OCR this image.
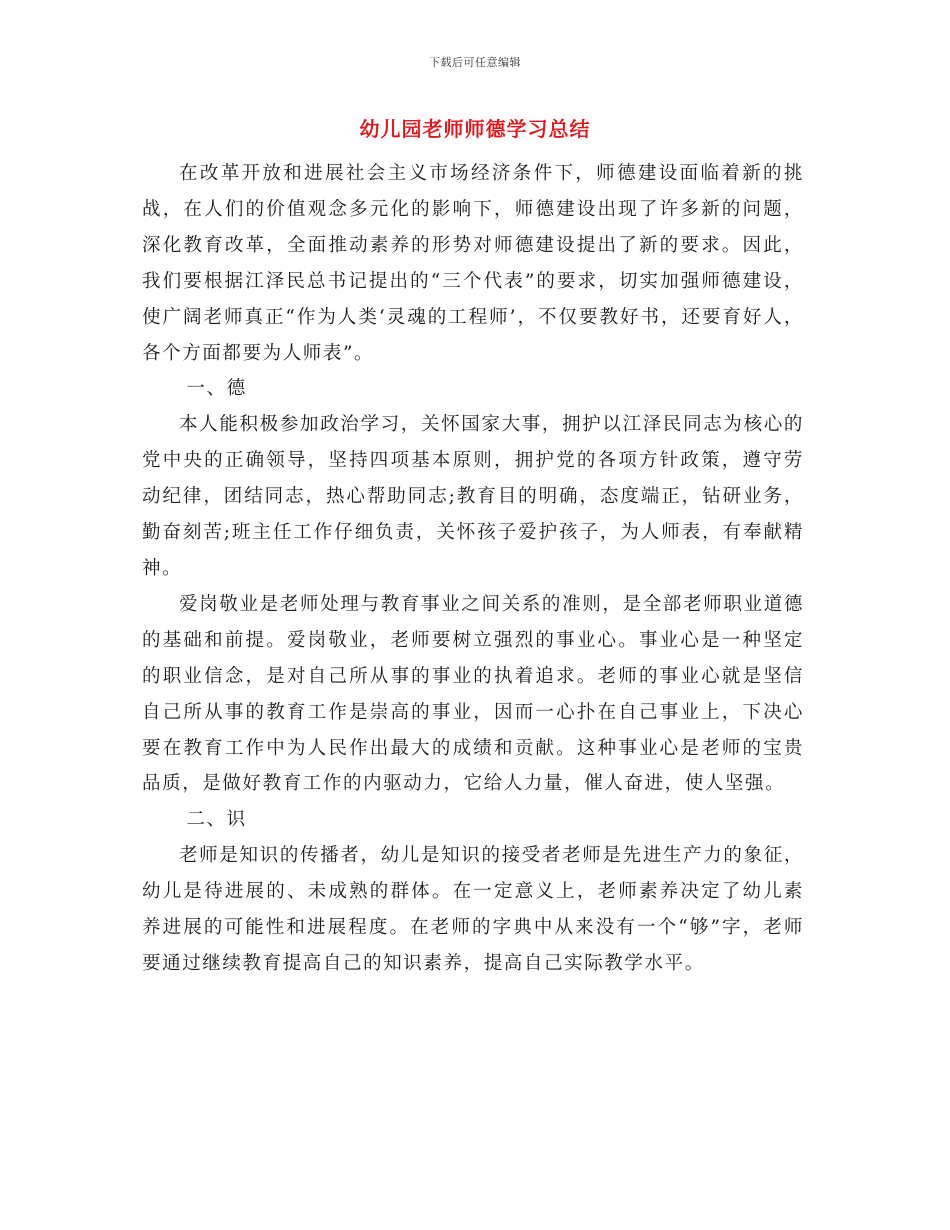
下载后可任意编辑
幼儿园老师师德学习总结

在改革开放和进展社会主义市场经济条件下，师德建设面临着新的挑战，在人们的价值观念多元化的影响下，师德建设出现了许多新的问题，深化教育改革，全面推动素养的形势对师德建设提出了新的要求。因此，我们要根据江泽民总书记提出的“三个代表”的要求，切实加强师德建设，使广阔老师真正“作为人类‘灵魂的工程师’，不仅要教好书，还要育好人，各个方面都要为人师表”。

一、德

本人能积极参加政治学习，关怀国家大事，拥护以江泽民同志为核心的党中央的正确领导，坚持四项基本原则，拥护党的各项方针政策，遵守劳动纪律，团结同志，热心帮助同志;教育目的明确，态度端正，钻研业务，勤奋刻苦;班主任工作仔细负责，关怀孩子爱护孩子，为人师表，有奉献精神。

爱岗敬业是老师处理与教育事业之间关系的准则，是全部老师职业道德的基础和前提。爱岗敬业，老师要树立强烈的事业心。事业心是一种坚定的职业信念，是对自己所从事的事业的执着追求。老师的事业心就是坚信自己所从事的教育工作是崇高的事业，因而一心扑在自己事业上，下决心要在教育工作中为人民作出最大的成绩和贡献。这种事业心是老师的宝贵品质，是做好教育工作的内驱动力，它给人力量，催人奋进，使人坚强。

二、识

老师是知识的传播者，幼儿是知识的接受者老师是先进生产力的象征，幼儿是待进展的、未成熟的群体。在一定意义上，老师素养决定了幼儿素养进展的可能性和进展程度。在老师的字典中从来没有一个“够”字，老师要通过继续教育提高自己的知识素养，提高自己实际教学水平。
